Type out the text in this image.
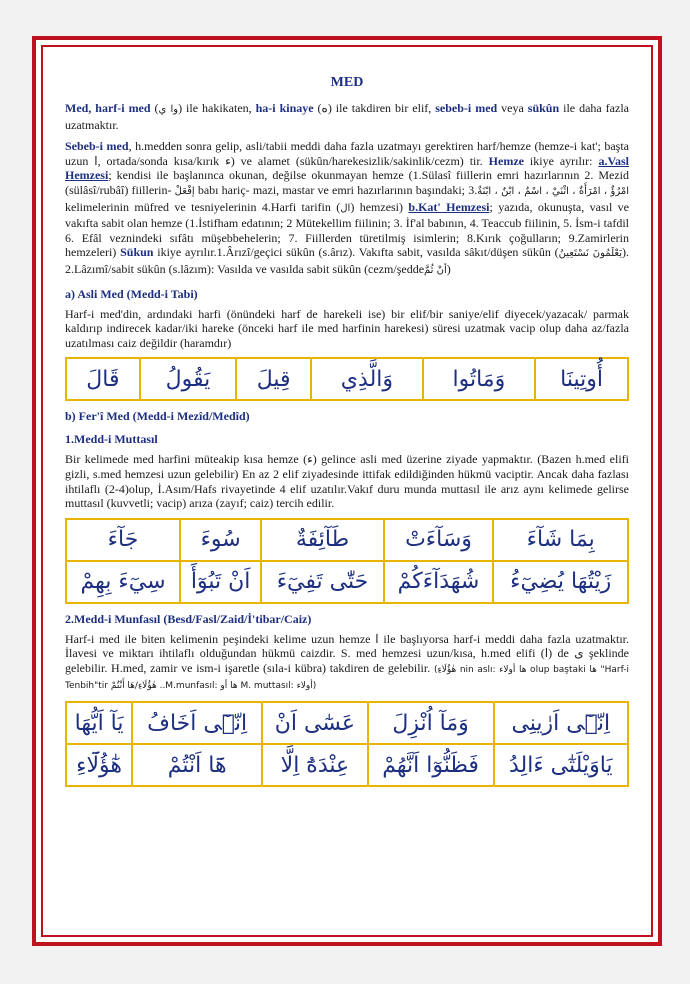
MED
Med, harf-i med (وا ي) ile hakikaten, ha-i kinaye (ه) ile takdiren bir elif, sebeb-i med veya sükûn ile daha fazla uzatmaktır.
Sebeb-i med, h.medden sonra gelip, asli/tabii meddi daha fazla uzatmayı gerektiren harf/hemze (hemze-i kat'; başta uzun ا, ortada/sonda kısa/kırık ء) ve alamet (sükûn/harekesizlik/sakinlik/cezm) tir. Hemze ikiye ayrılır: a.Vasl Hemzesi; kendisi ile başlanınca okunan, değilse okunmayan hemze (1.Sülasî fiillerin emri hazırlarının 2. Mezid (sülâsî/rubâî) fiillerin- إفْعَلْ babı hariç- mazi, mastar ve emri hazırlarının başındaki; 3.امْرُؤٌ ، امْرَأَةٌ ، اثْنَيْ ، اسْمٌ ، ابْنٌ ، ابْنَةٌ kelimelerinin müfred ve tesniyelerinin 4.Harfi tarifin (ال) hemzesi) b.Kat' Hemzesi; yazıda, okunuşta, vasıl ve vakıfta sabit olan hemze (1.İstifham edatının; 2 Mütekellim fiilinin; 3. İf'al babının, 4. Teaccub fiilinin, 5. İsm-i tafdil 6. Efâl veznindeki sıfâtı müşebbehelerin; 7. Fiillerden türetilmiş isimlerin; 8.Kırık çoğulların; 9.Zamirlerin hemzeleri) Sükun ikiye ayrılır.1.Ârızî/geçici sükûn (s.ârız). Vakıfta sabit, vasılda sâkıt/düşen sükûn (يَعْلَمُونَ نَسْتَعِينُ). 2.Lâzımî/sabit sükûn (s.lâzım): Vasılda ve vasılda sabit sükûn (cezm/şeddeأنْ ثُمَّ)
a) Asli Med (Medd-i Tabi)
Harf-i med'din, ardındaki harfi (önündeki harf de harekeli ise) bir elif/bir saniye/elif diyecek/yazacak/ parmak kaldırıp indirecek kadar/iki hareke (önceki harf ile med harfinin harekesi) süresi uzatmak vacip olup daha az/fazla uzatılması caiz değildir (haramdır)
قَالَ	يَقُولُ	قِيلَ	وَالَّذِي	وَمَاتُوا	أُوتِينَا
b) Fer'î Med (Medd-i Mezîd/Medîd)
1.Medd-i Muttasıl
Bir kelimede med harfini müteakip kısa hemze (ء) gelince asli med üzerine ziyade yapmaktır. (Bazen h.med elifi gizli, s.med hemzesi uzun gelebilir) En az 2 elif ziyadesinde ittifak edildiğinden hükmü vaciptir. Ancak daha fazlası ihtilaflı (2-4)olup, İ.Asım/Hafs rivayetinde 4 elif uzatılır.Vakıf duru munda muttasıl ile arız aynı kelimede gelirse muttasıl (kuvvetli; vacip) arıza (zayıf; caiz) tercih edilir.
جَآءَ	سُوءَ	طَآئِفَةٌ	وَسَآءَتْ	بِمَا شَآءَ
سِيٓءَ بِهِمْ	اَنْ تَبُوٓأَ	حَتّٰى تَفِيٓءَ	شُهَدَآءَكُمْ	زَيْتُهَا يُضِيٓءُ
2.Medd-i Munfasıl (Besd/Fasl/Zaid/İ'tibar/Caiz)
Harf-i med ile biten kelimenin peşindeki kelime uzun hemze ا ile başlıyorsa harf-i meddi daha fazla uzatmaktır. İlavesi ve miktarı ihtilaflı olduğundan hükmü caizdir. S. med hemzesi uzun/kısa, h.med elifi (ا) de ى şeklinde gelebilir. H.med, zamir ve ism-i işaretle (sıla-i kübra) takdiren de gelebilir. (هٰؤُلَاءِ nin aslı: ها أولاء olup baştaki ها "Harf-i Tenbih"tir هٰؤُلَاءِ/هَا أَنْتُمْ ..M.munfasıl: ها أو M. muttasıl: أولاء)
يَآ اَيُّهَا	اِنّٖٓى اَخَافُ	عَسٰٓى اَنْ	وَمَآ اُنْزِلَ	اِنّٖٓى اَرٰينِى
هٰٓؤُلَٓاءِ	هَٓا اَنْتُمْ	عِنْدَهُٓ اِلَّا	فَظَنُّوٓا اَنَّهُمْ	يَاوَيْلَتٰٓى ءَالِدُ
